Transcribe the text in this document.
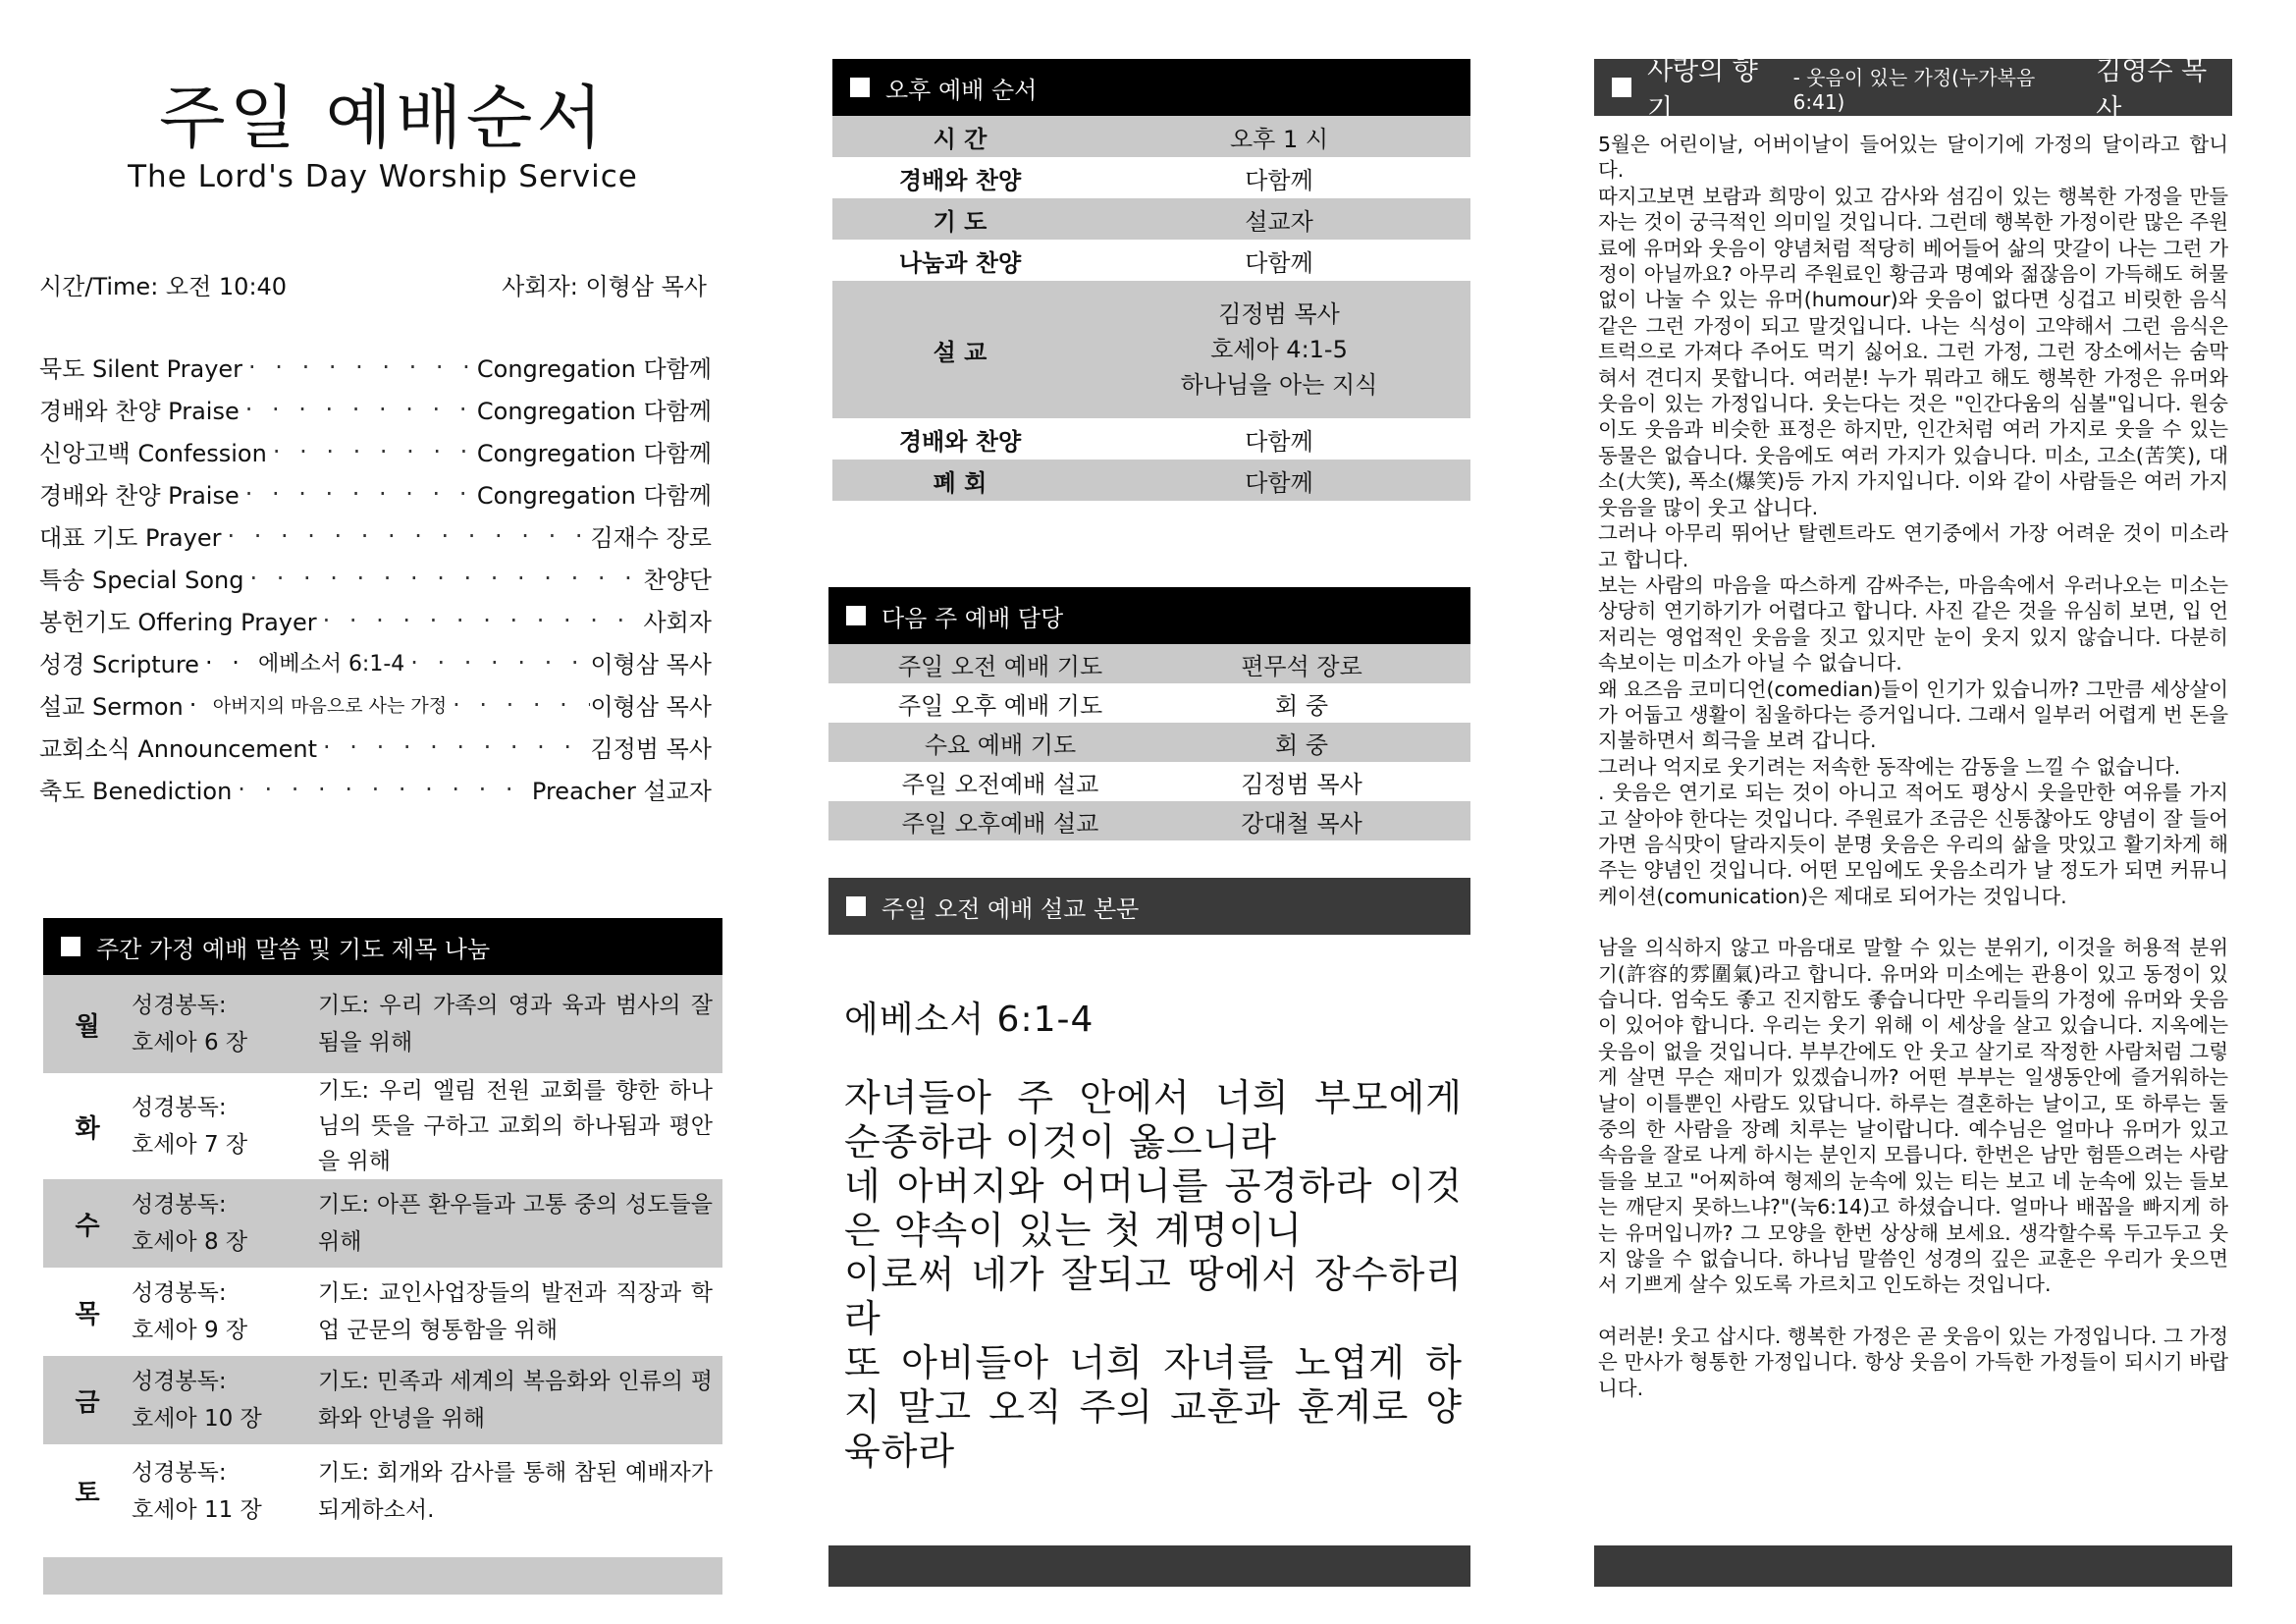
주일 예배순서
The Lord's Day Worship Service
시간/Time: 오전 10:40	사회자: 이형삼 목사
묵도 Silent Prayer · · ·	Congregation 다함께
경배와 찬양 Praise · · ·	Congregation 다함께
신앙고백 Confession · · ·	Congregation 다함께
경배와 찬양 Praise · · ·	Congregation 다함께
대표 기도 Prayer · · ·	김재수 장로
특송 Special Song · · ·	찬양단
봉헌기도 Offering Prayer · · ·	사회자
성경 Scripture · · ·	에베소서 6:1-4 · · ·	이형삼 목사
설교 Sermon · · · 아버지의 마음으로 사는 가정 · · ·	이형삼 목사
교회소식 Announcement · · ·	김정범 목사
축도 Benediction · · ·	Preacher 설교자
주간 가정 예배 말씀 및 기도 제목 나눔
월
성경봉독:
호세아 6 장
기도: 우리 가족의 영과 육과 범사의 잘됨을 위해
화
성경봉독:
호세아 7 장
기도: 우리 엘림 전원 교회를 향한 하나님의 뜻을 구하고 교회의 하나됨과 평안을 위해
수
성경봉독:
호세아 8 장
기도: 아픈 환우들과 고통 중의 성도들을 위해
목
성경봉독:
호세아 9 장
기도: 교인사업장들의 발전과 직장과 학업 군문의 형통함을 위해
금
성경봉독:
호세아 10 장
기도: 민족과 세계의 복음화와 인류의 평화와 안녕을 위해
토
성경봉독:
호세아 11 장
기도: 회개와 감사를 통해 참된 예배자가 되게하소서.
오후 예배 순서
시 간	오후 1 시
경배와 찬양	다함께
기 도	설교자
나눔과 찬양	다함께
설 교
김정범 목사
호세아 4:1-5
하나님을 아는 지식
경배와 찬양	다함께
폐 회	다함께
다음 주 예배 담당
주일 오전 예배 기도	편무석 장로
주일 오후 예배 기도	회 중
수요 예배 기도	회 중
주일 오전예배 설교	김정범 목사
주일 오후예배 설교	강대철 목사
주일 오전 예배 설교 본문
에베소서 6:1-4
자녀들아 주 안에서 너희 부모에게 순종하라 이것이 옳으니라
네 아버지와 어머니를 공경하라 이것은 약속이 있는 첫 계명이니
이로써 네가 잘되고 땅에서 장수하리라
또 아비들아 너희 자녀를 노엽게 하지 말고 오직 주의 교훈과 훈계로 양육하라
사랑의 향기
- 웃음이 있는 가정(누가복음6:41)
김영수 목사

5월은 어린이날, 어버이날이 들어있는 달이기에 가정의 달이라고 합니다.

따지고보면 보람과 희망이 있고 감사와 섬김이 있는 행복한 가정을 만들자는 것이 궁극적인 의미일 것입니다. 그런데 행복한 가정이란 많은 주원료에 유머와 웃음이 양념처럼 적당히 베어들어 삶의 맛갈이 나는 그런 가정이 아닐까요? 아무리 주원료인 황금과 명예와 젊잖음이 가득해도 허물없이 나눌 수 있는 유머(humour)와 웃음이 없다면 싱겁고 비릿한 음식같은 그런 가정이 되고 말것입니다. 나는 식성이 고약해서 그런 음식은 트럭으로 가져다 주어도 먹기 싫어요. 그런 가정, 그런 장소에서는 숨막혀서 견디지 못합니다. 여러분! 누가 뭐라고 해도 행복한 가정은 유머와 웃음이 있는 가정입니다. 웃는다는 것은 "인간다움의 심볼"입니다. 원숭이도 웃음과 비슷한 표정은 하지만, 인간처럼 여러 가지로 웃을 수 있는 동물은 없습니다. 웃음에도 여러 가지가 있습니다. 미소, 고소(苦笑), 대소(大笑), 폭소(爆笑)등 가지 가지입니다. 이와 같이 사람들은 여러 가지 웃음을 많이 웃고 삽니다.

그러나 아무리 뛰어난 탈렌트라도 연기중에서 가장 어려운 것이 미소라고 합니다.

보는 사람의 마음을 따스하게 감싸주는, 마음속에서 우러나오는 미소는 상당히 연기하기가 어렵다고 합니다. 사진 같은 것을 유심히 보면, 입 언저리는 영업적인 웃음을 짓고 있지만 눈이 웃지 있지 않습니다. 다분히 속보이는 미소가 아닐 수 없습니다.

왜 요즈음 코미디언(comedian)들이 인기가 있습니까? 그만큼 세상살이가 어둡고 생활이 침울하다는 증거입니다. 그래서 일부러 어렵게 번 돈을 지불하면서 희극을 보려 갑니다.

그러나 억지로 웃기려는 저속한 동작에는 감동을 느낄 수 없습니다.

. 웃음은 연기로 되는 것이 아니고 적어도 평상시 웃을만한 여유를 가지고 살아야 한다는 것입니다. 주원료가 조금은 신통찮아도 양념이 잘 들어가면 음식맛이 달라지듯이 분명 웃음은 우리의 삶을 맛있고 활기차게 해 주는 양념인 것입니다. 어떤 모임에도 웃음소리가 날 정도가 되면 커뮤니케이션(comunication)은 제대로 되어가는 것입니다.

남을 의식하지 않고 마음대로 말할 수 있는 분위기, 이것을 허용적 분위기(許容的雰圍氣)라고 합니다. 유머와 미소에는 관용이 있고 동정이 있습니다. 엄숙도 좋고 진지함도 좋습니다만 우리들의 가정에 유머와 웃음이 있어야 합니다. 우리는 웃기 위해 이 세상을 살고 있습니다. 지옥에는 웃음이 없을 것입니다. 부부간에도 안 웃고 살기로 작정한 사람처럼 그렇게 살면 무슨 재미가 있겠습니까? 어떤 부부는 일생동안에 즐거워하는 날이 이틀뿐인 사람도 있답니다. 하루는 결혼하는 날이고, 또 하루는 둘중의 한 사람을 장례 치루는 날이랍니다. 예수님은 얼마나 유머가 있고 속음을 잘로 나게 하시는 분인지 모릅니다. 한번은 남만 험뜯으려는 사람들을 보고 "어찌하여 형제의 눈속에 있는 티는 보고 네 눈속에 있는 들보는 깨닫지 못하느냐?"(눅6:14)고 하셨습니다. 얼마나 배꼽을 빠지게 하는 유머입니까? 그 모양을 한번 상상해 보세요. 생각할수록 두고두고 웃지 않을 수 없습니다. 하나님 말씀인 성경의 깊은 교훈은 우리가 웃으면서 기쁘게 살수 있도록 가르치고 인도하는 것입니다.

여러분! 웃고 삽시다. 행복한 가정은 곧 웃음이 있는 가정입니다. 그 가정은 만사가 형통한 가정입니다. 항상 웃음이 가득한 가정들이 되시기 바랍니다.
